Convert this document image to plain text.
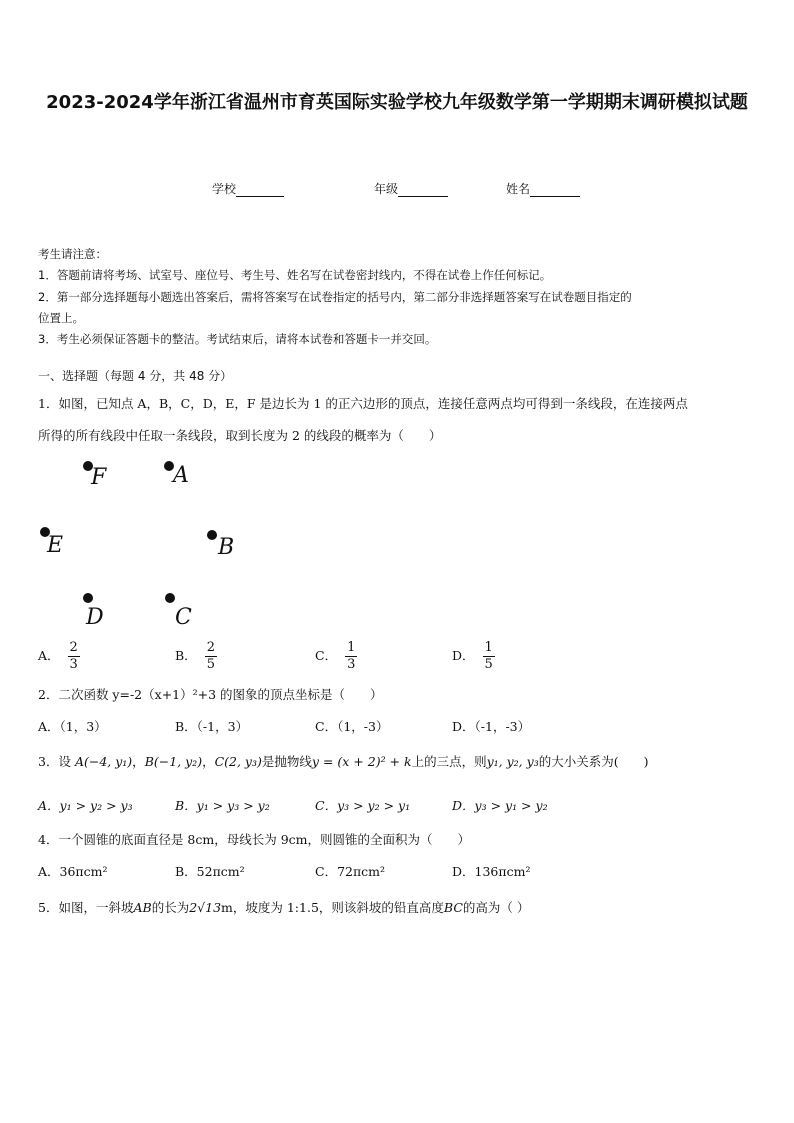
2023-2024学年浙江省温州市育英国际实验学校九年级数学第一学期期末调研模拟试题
学校	年级	姓名
考生请注意：
1．答题前请将考场、试室号、座位号、考生号、姓名写在试卷密封线内，不得在试卷上作任何标记。
2．第一部分选择题每小题选出答案后，需将答案写在试卷指定的括号内，第二部分非选择题答案写在试卷题目指定的
位置上。
3．考生必须保证答题卡的整洁。考试结束后，请将本试卷和答题卡一并交回。
一、选择题（每题 4 分，共 48 分）
1．如图，已知点 A，B，C，D，E，F 是边长为 1 的正六边形的顶点，连接任意两点均可得到一条线段，在连接两点
所得的所有线段中任取一条线段，取到长度为 2 的线段的概率为（　　）
F	A
E	B
D	C
A． $\frac{2}{3}$	B． $\frac{2}{5}$	C． $\frac{1}{3}$	D． $\frac{1}{5}$
2．二次函数 y=-2（x+1）²+3 的图象的顶点坐标是（　　）
A．（1，3）	B．（-1，3）	C．（1，-3）	D．（-1，-3）
3．设 A(−4, y₁)，B(−1, y₂)，C(2, y₃)是抛物线y = (x + 2)² + k上的三点，则y₁, y₂, y₃的大小关系为(　　)
A．y₁ > y₂ > y₃	B．y₁ > y₃ > y₂	C．y₃ > y₂ > y₁	D．y₃ > y₁ > y₂
4．一个圆锥的底面直径是 8cm，母线长为 9cm，则圆锥的全面积为（　　）
A．36πcm²	B．52πcm²	C．72πcm²	D．136πcm²
5．如图，一斜坡AB的长为2√13m，坡度为 1:1.5，则该斜坡的铅直高度BC的高为（ ）
